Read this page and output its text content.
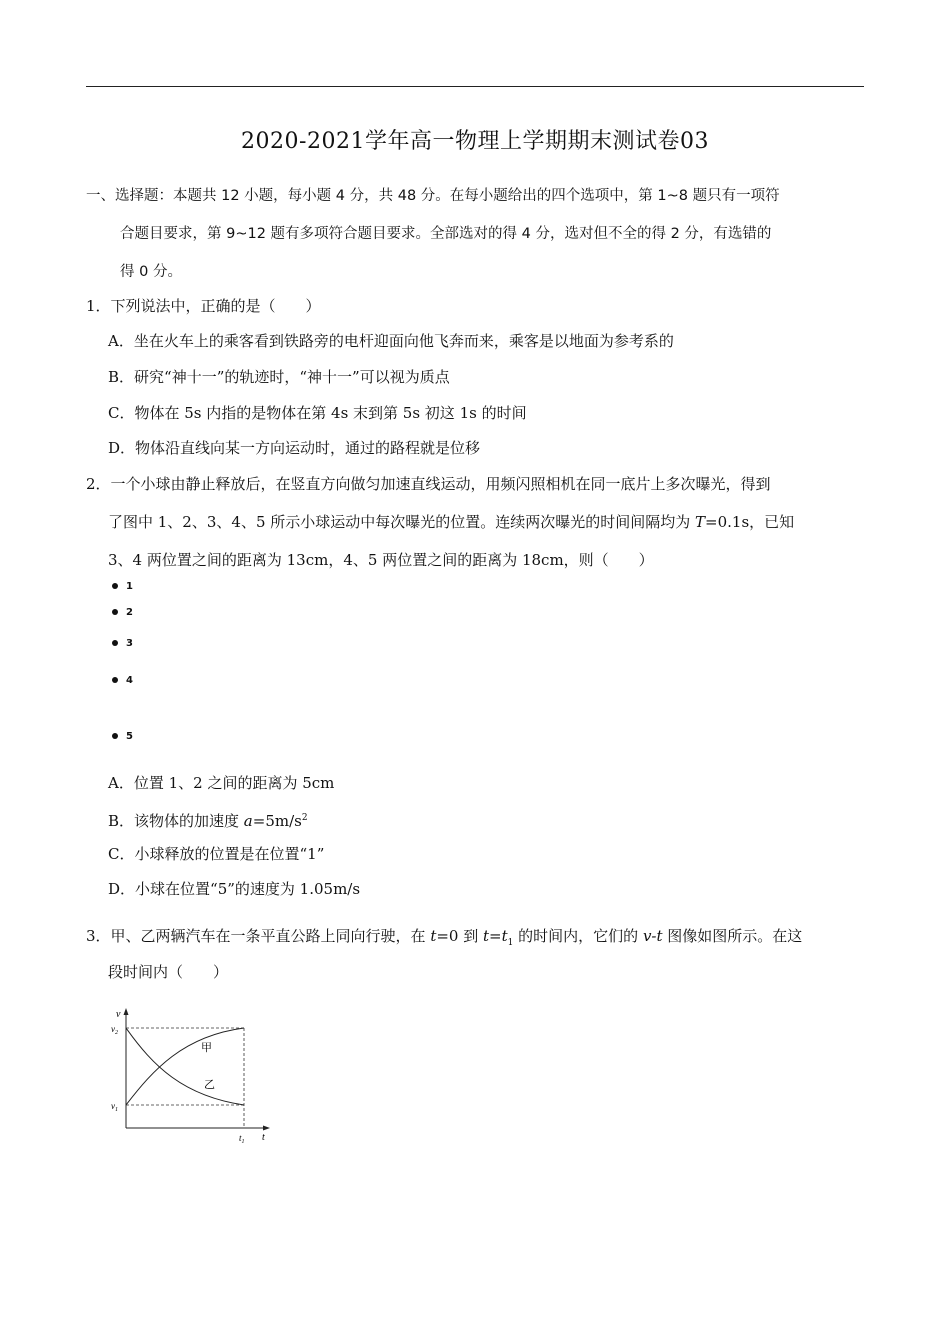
2020-2021学年高一物理上学期期末测试卷03
一、选择题：本题共 12 小题，每小题 4 分，共 48 分。在每小题给出的四个选项中，第 1~8 题只有一项符
合题目要求，第 9~12 题有多项符合题目要求。全部选对的得 4 分，选对但不全的得 2 分，有选错的
得 0 分。
1．下列说法中，正确的是（　　）
A．坐在火车上的乘客看到铁路旁的电杆迎面向他飞奔而来，乘客是以地面为参考系的
B．研究“神十一”的轨迹时，“神十一”可以视为质点
C．物体在 5s 内指的是物体在第 4s 末到第 5s 初这 1s 的时间
D．物体沿直线向某一方向运动时，通过的路程就是位移
2．一个小球由静止释放后，在竖直方向做匀加速直线运动，用频闪照相机在同一底片上多次曝光，得到
了图中 1、2、3、4、5 所示小球运动中每次曝光的位置。连续两次曝光的时间间隔均为 T=0.1s，已知
3、4 两位置之间的距离为 13cm，4、5 两位置之间的距离为 18cm，则（　　）
1
2
3
4
5
A．位置 1、2 之间的距离为 5cm
B．该物体的加速度 $a=5m/s^2$
C．小球释放的位置是在位置“1”
D．小球在位置“5”的速度为 1.05m/s
3．甲、乙两辆汽车在一条平直公路上同向行驶，在 t=0 到 $t=t_1$ 的时间内，它们的 v-t 图像如图所示。在这
段时间内（　　）
v
t
$v_2$
$v_1$
$t_1$
甲
乙
